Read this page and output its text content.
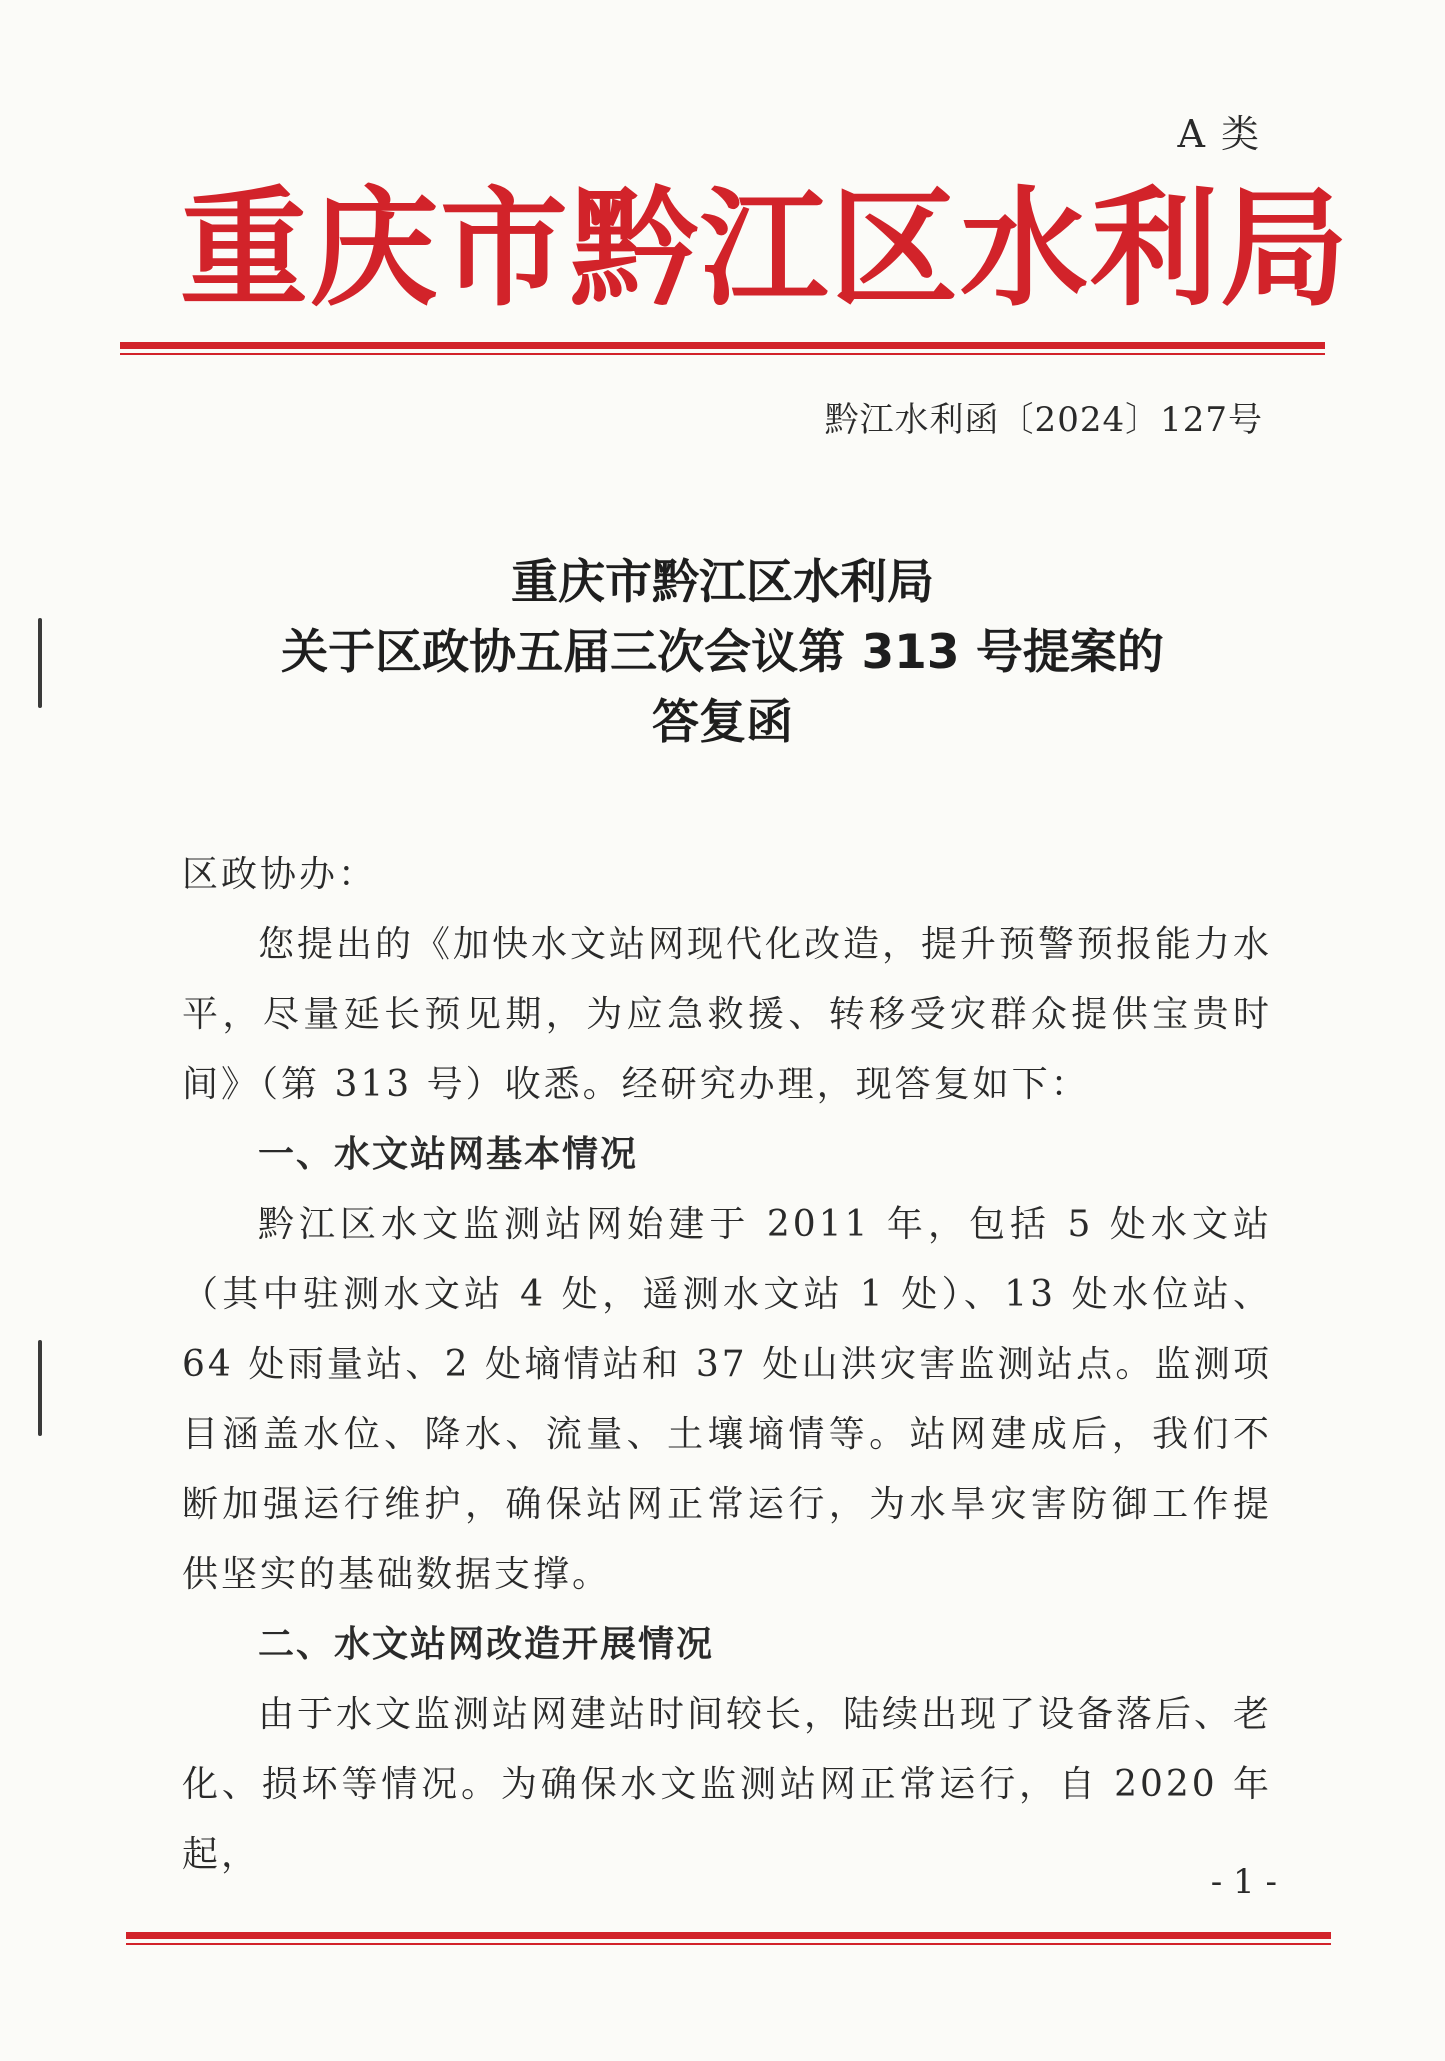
A 类
重庆市黔江区水利局
黔江水利函〔2024〕127号
重庆市黔江区水利局
关于区政协五届三次会议第 313 号提案的
答复函

区政协办：

您提出的《加快水文站网现代化改造，提升预警预报能力水平，尽量延长预见期，为应急救援、转移受灾群众提供宝贵时间》（第 313 号）收悉。经研究办理，现答复如下：

一、水文站网基本情况

黔江区水文监测站网始建于 2011 年，包括 5 处水文站（其中驻测水文站 4 处，遥测水文站 1 处）、13 处水位站、64 处雨量站、2 处墒情站和 37 处山洪灾害监测站点。监测项目涵盖水位、降水、流量、土壤墒情等。站网建成后，我们不断加强运行维护，确保站网正常运行，为水旱灾害防御工作提供坚实的基础数据支撑。

二、水文站网改造开展情况

由于水文监测站网建站时间较长，陆续出现了设备落后、老化、损坏等情况。为确保水文监测站网正常运行，自 2020 年起，

- 1 -
